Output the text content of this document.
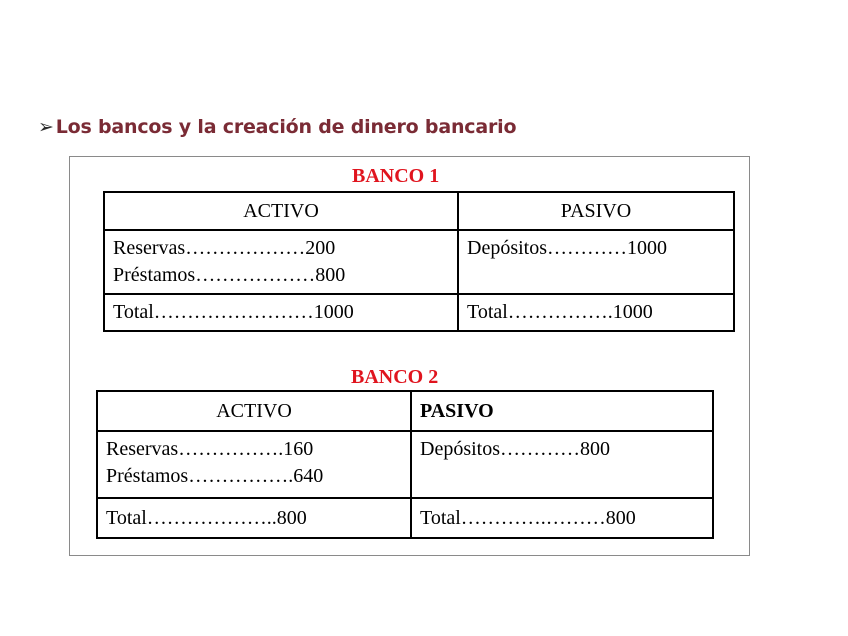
➢ Los bancos y la creación de dinero bancario
BANCO 1
ACTIVO	PASIVO

Reservas………………200
Préstamos………………800	Depósitos…………1000

Total……………………1000	Total…………….1000
BANCO 2
ACTIVO	PASIVO

Reservas…………….160
Préstamos…………….640	Depósitos…………800

Total………………..800	Total………….………800
